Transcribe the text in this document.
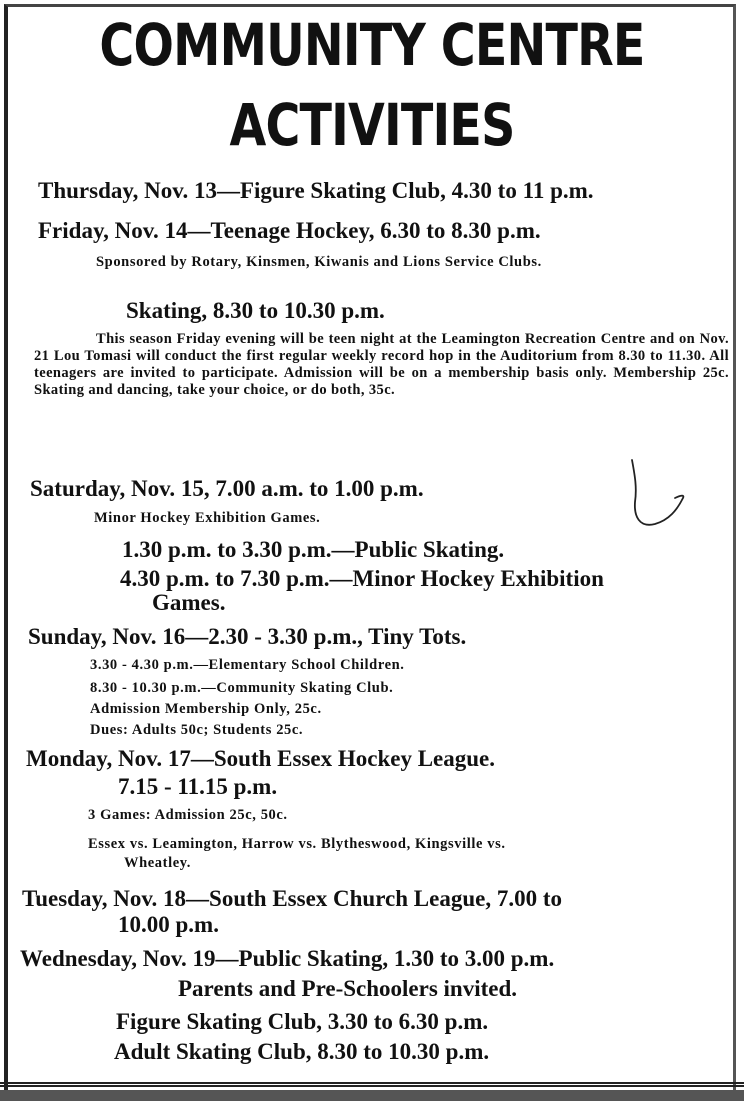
COMMUNITY CENTRE
ACTIVITIES
Thursday, Nov. 13—Figure Skating Club, 4.30 to 11 p.m.
Friday, Nov. 14—Teenage Hockey, 6.30 to 8.30 p.m.
Sponsored by Rotary, Kinsmen, Kiwanis and Lions Service Clubs.
Skating, 8.30 to 10.30 p.m.
This season Friday evening will be teen night at the Leamington Recreation Centre and on Nov. 21 Lou Tomasi will conduct the first regular weekly record hop in the Auditorium from 8.30 to 11.30. All teenagers are invited to participate. Admission will be on a membership basis only. Membership 25c. Skating and dancing, take your choice, or do both, 35c.
Saturday, Nov. 15, 7.00 a.m. to 1.00 p.m.
Minor Hockey Exhibition Games.
1.30 p.m. to 3.30 p.m.—Public Skating.
4.30 p.m. to 7.30 p.m.—Minor Hockey Exhibition
Games.
Sunday, Nov. 16—2.30 - 3.30 p.m., Tiny Tots.
3.30 - 4.30 p.m.—Elementary School Children.
8.30 - 10.30 p.m.—Community Skating Club.
Admission Membership Only, 25c.
Dues: Adults 50c; Students 25c.
Monday, Nov. 17—South Essex Hockey League.
7.15 - 11.15 p.m.
3 Games: Admission 25c, 50c.
Essex vs. Leamington, Harrow vs. Blytheswood, Kingsville vs.
Wheatley.
Tuesday, Nov. 18—South Essex Church League, 7.00 to
10.00 p.m.
Wednesday, Nov. 19—Public Skating, 1.30 to 3.00 p.m.
Parents and Pre-Schoolers invited.
Figure Skating Club, 3.30 to 6.30 p.m.
Adult Skating Club, 8.30 to 10.30 p.m.
